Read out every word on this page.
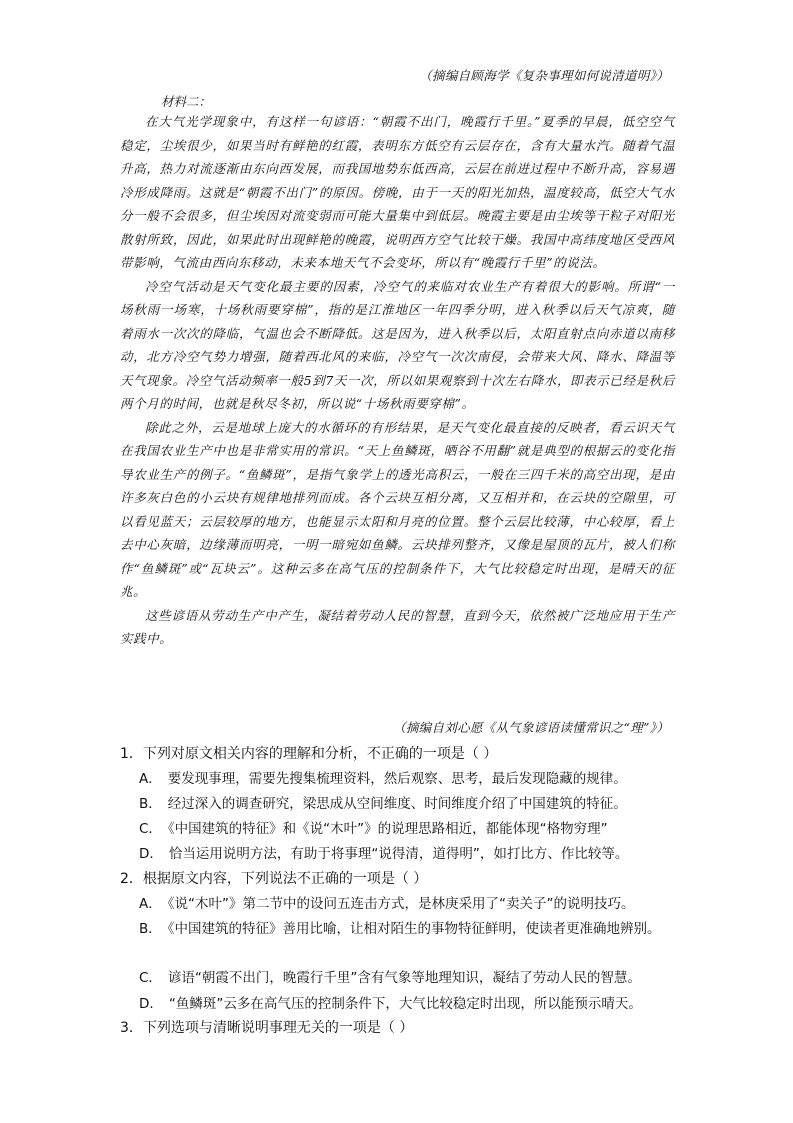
（摘编自顾海学《复杂事理如何说清道明》）
材料二：

在大气光学现象中，有这样一句谚语：“朝霞不出门，晚霞行千里。”夏季的早晨，低空空气稳定，尘埃很少，如果当时有鲜艳的红霞，表明东方低空有云层存在，含有大量水汽。随着气温升高，热力对流逐渐由东向西发展，而我国地势东低西高，云层在前进过程中不断升高，容易遇冷形成降雨。这就是“朝霞不出门”的原因。傍晚，由于一天的阳光加热，温度较高，低空大气水分一般不会很多，但尘埃因对流变弱而可能大量集中到低层。晚霞主要是由尘埃等干粒子对阳光散射所致，因此，如果此时出现鲜艳的晚霞，说明西方空气比较干燥。我国中高纬度地区受西风带影响，气流由西向东移动，未来本地天气不会变坏，所以有“晚霞行千里”的说法。

冷空气活动是天气变化最主要的因素，冷空气的来临对农业生产有着很大的影响。所谓“一场秋雨一场寒，十场秋雨要穿棉”，指的是江淮地区一年四季分明，进入秋季以后天气凉爽，随着雨水一次次的降临，气温也会不断降低。这是因为，进入秋季以后，太阳直射点向赤道以南移动，北方冷空气势力增强，随着西北风的来临，冷空气一次次南侵，会带来大风、降水、降温等天气现象。冷空气活动频率一般5到7天一次，所以如果观察到十次左右降水，即表示已经是秋后两个月的时间，也就是秋尽冬初，所以说“十场秋雨要穿棉”。

除此之外，云是地球上庞大的水循环的有形结果，是天气变化最直接的反映者，看云识天气在我国农业生产中也是非常实用的常识。“天上鱼鳞斑，晒谷不用翻”就是典型的根据云的变化指导农业生产的例子。“鱼鳞斑”，是指气象学上的透光高积云，一般在三四千米的高空出现，是由许多灰白色的小云块有规律地排列而成。各个云块互相分离，又互相并和，在云块的空隙里，可以看见蓝天；云层较厚的地方，也能显示太阳和月亮的位置。整个云层比较薄，中心较厚，看上去中心灰暗，边缘薄而明亮，一明一暗宛如鱼鳞。云块排列整齐，又像是屋顶的瓦片，被人们称作“鱼鳞斑”或“瓦块云”。这种云多在高气压的控制条件下，大气比较稳定时出现，是晴天的征兆。

这些谚语从劳动生产中产生，凝结着劳动人民的智慧，直到今天，依然被广泛地应用于生产实践中。

（摘编自刘心愿《从气象谚语读懂常识之“理”》）
1．下列对原文相关内容的理解和分析，不正确的一项是（ ）
A． 要发现事理，需要先搜集梳理资料，然后观察、思考，最后发现隐藏的规律。
B． 经过深入的调查研究，梁思成从空间维度、时间维度介绍了中国建筑的特征。
C． 《中国建筑的特征》和《说“木叶”》的说理思路相近，都能体现“格物穷理”
D． 恰当运用说明方法，有助于将事理“说得清，道得明”，如打比方、作比较等。
2．根据原文内容，下列说法不正确的一项是（ ）
A． 《说“木叶”》第二节中的设问五连击方式，是林庚采用了“卖关子”的说明技巧。
B． 《中国建筑的特征》善用比喻，让相对陌生的事物特征鲜明，使读者更准确地辨别。
C． 谚语“朝霞不出门，晚霞行千里”含有气象等地理知识，凝结了劳动人民的智慧。
D． “鱼鳞斑”云多在高气压的控制条件下，大气比较稳定时出现，所以能预示晴天。
3．下列选项与清晰说明事理无关的一项是（ ）
